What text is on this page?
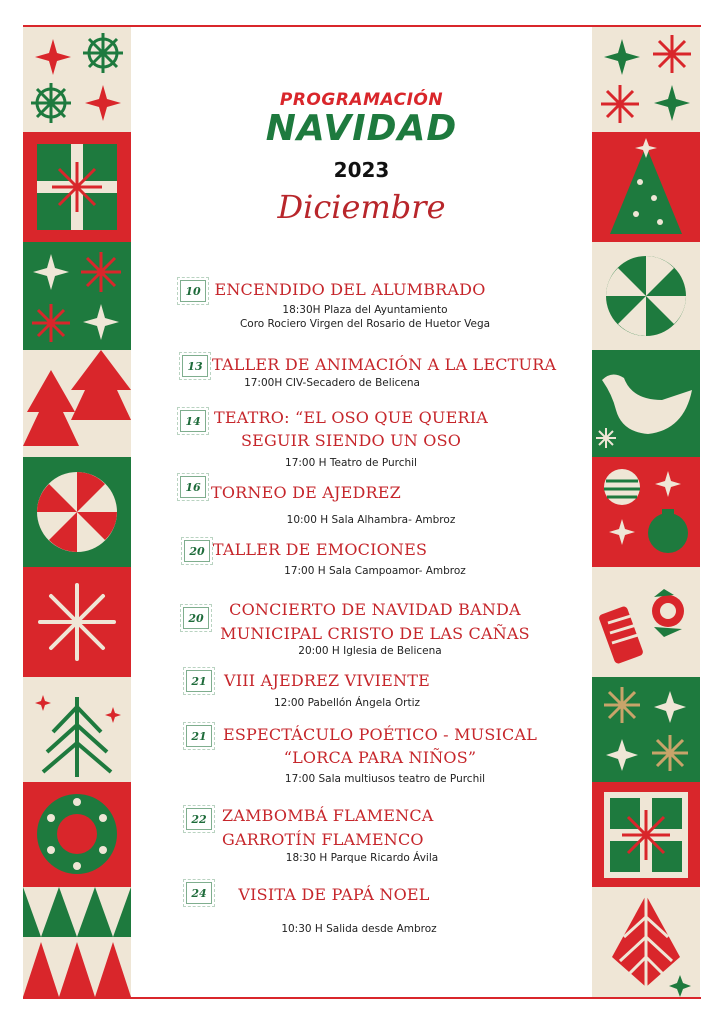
PROGRAMACIÓN
NAVIDAD
2023
Diciembre
10 ENCENDIDO DEL ALUMBRADO
18:30H Plaza del Ayuntamiento
Coro Rociero Virgen del Rosario de Huetor Vega
13 TALLER DE ANIMACIÓN A LA LECTURA
17:00H CIV-Secadero de Belicena
14 TEATRO: “EL OSO QUE QUERIA
SEGUIR SIENDO UN OSO
17:00 H Teatro de Purchil
16 TORNEO DE AJEDREZ
10:00 H Sala Alhambra- Ambroz
20 TALLER DE EMOCIONES
17:00 H Sala Campoamor- Ambroz
20	CONCIERTO DE NAVIDAD BANDA
MUNICIPAL CRISTO DE LAS CAÑAS
20:00 H Iglesia de Belicena
21	VIII AJEDREZ VIVIENTE
12:00 Pabellón Ángela Ortiz
21	ESPECTÁCULO POÉTICO - MUSICAL
“LORCA PARA NIÑOS”
17:00 Sala multiusos teatro de Purchil
22 ZAMBOMBÁ FLAMENCA
GARROTÍN FLAMENCO
18:30 H Parque Ricardo Ávila
24	VISITA DE PAPÁ NOEL
10:30 H Salida desde Ambroz
